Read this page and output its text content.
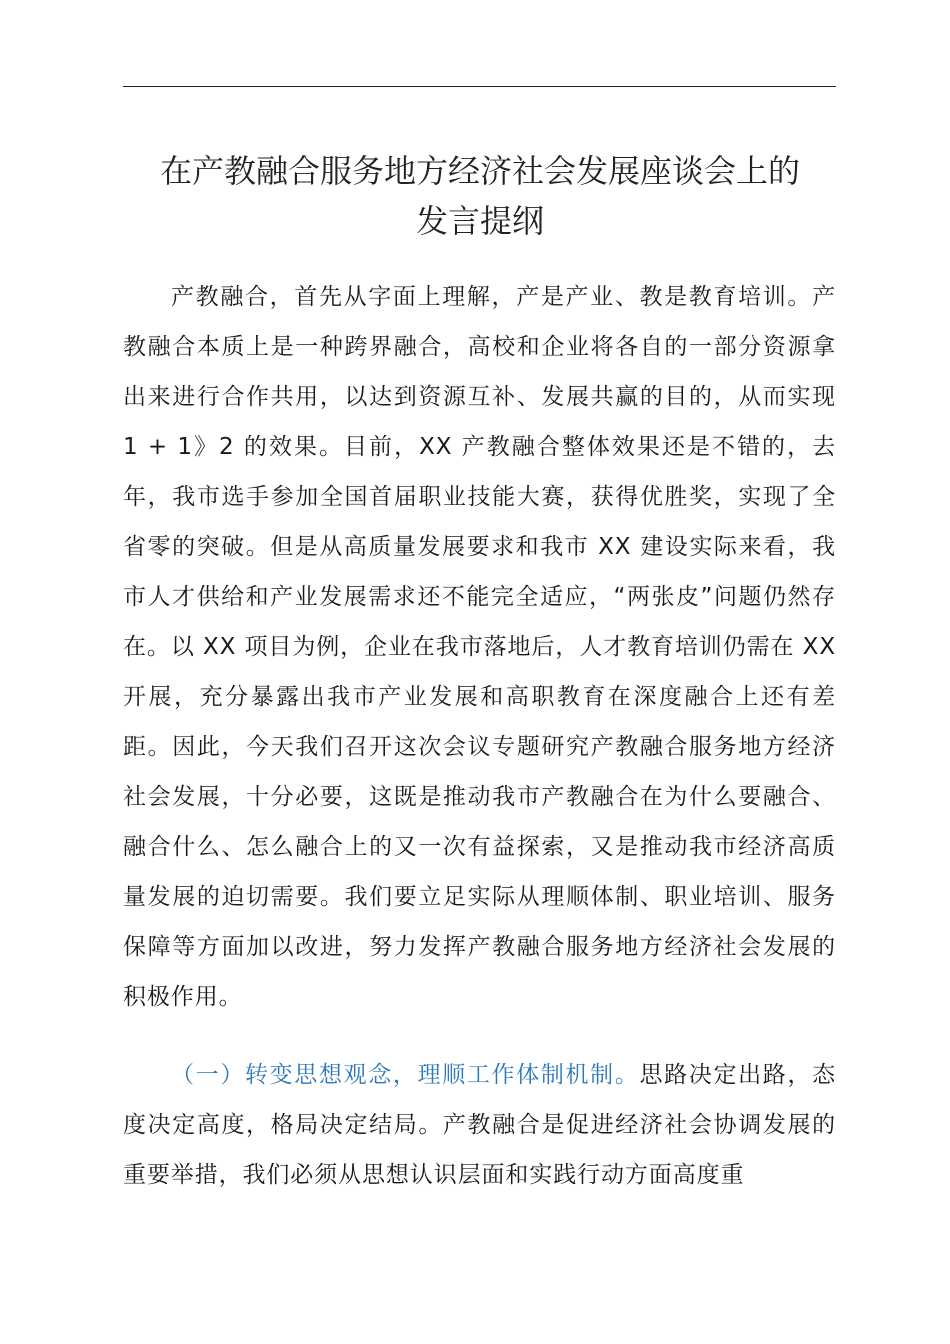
在产教融合服务地方经济社会发展座谈会上的
发言提纲

产教融合，首先从字面上理解，产是产业、教是教育培训。产教融合本质上是一种跨界融合，高校和企业将各自的一部分资源拿出来进行合作共用，以达到资源互补、发展共赢的目的，从而实现 1 + 1》2 的效果。目前，XX 产教融合整体效果还是不错的，去年，我市选手参加全国首届职业技能大赛，获得优胜奖，实现了全省零的突破。但是从高质量发展要求和我市 XX 建设实际来看，我市人才供给和产业发展需求还不能完全适应，“两张皮”问题仍然存在。以 XX 项目为例，企业在我市落地后，人才教育培训仍需在 XX 开展，充分暴露出我市产业发展和高职教育在深度融合上还有差距。因此，今天我们召开这次会议专题研究产教融合服务地方经济社会发展，十分必要，这既是推动我市产教融合在为什么要融合、融合什么、怎么融合上的又一次有益探索，又是推动我市经济高质量发展的迫切需要。我们要立足实际从理顺体制、职业培训、服务保障等方面加以改进，努力发挥产教融合服务地方经济社会发展的积极作用。

（一）转变思想观念，理顺工作体制机制。思路决定出路，态度决定高度，格局决定结局。产教融合是促进经济社会协调发展的重要举措，我们必须从思想认识层面和实践行动方面高度重
